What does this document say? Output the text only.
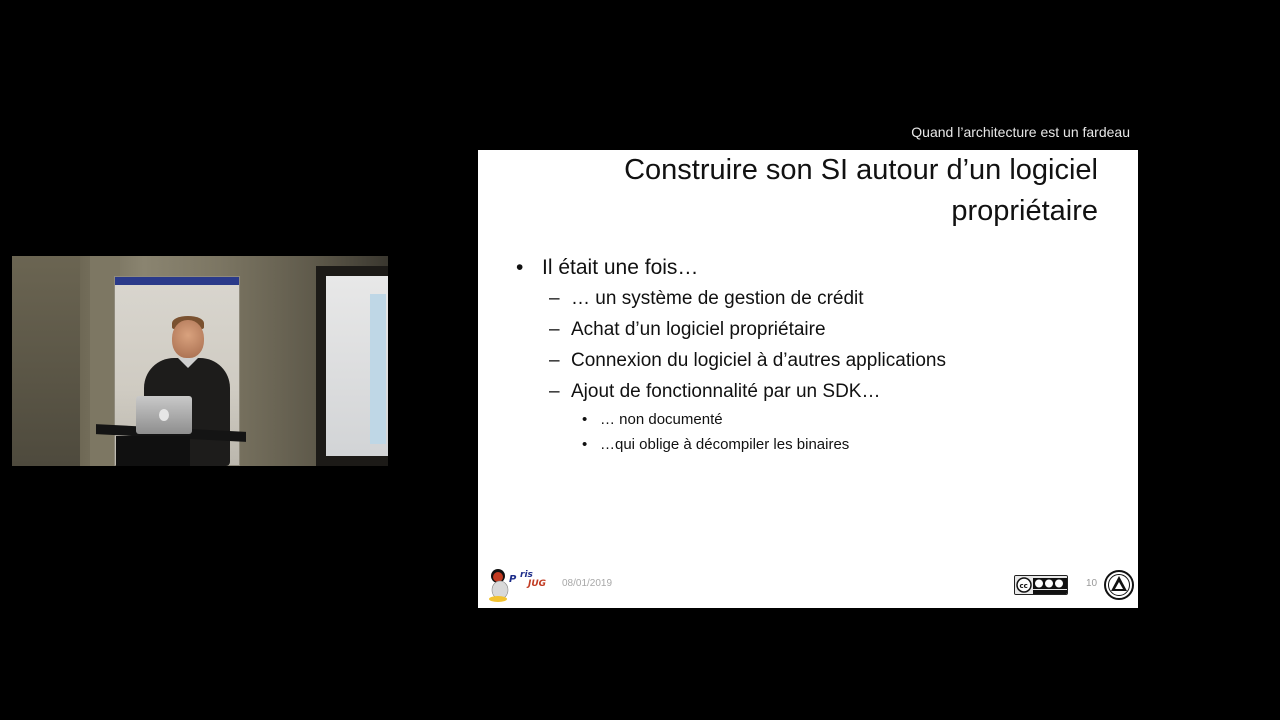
Quand l’architecture est un fardeau
Construire son SI autour d’un logiciel
propriétaire
• Il était une fois…
– … un système de gestion de crédit
– Achat d’un logiciel propriétaire
– Connexion du logiciel à d’autres applications
– Ajout de fonctionnalité par un SDK…
• … non documenté
• …qui oblige à décompiler les binaires
P ris
JUG 08/01/2019	cc	10
